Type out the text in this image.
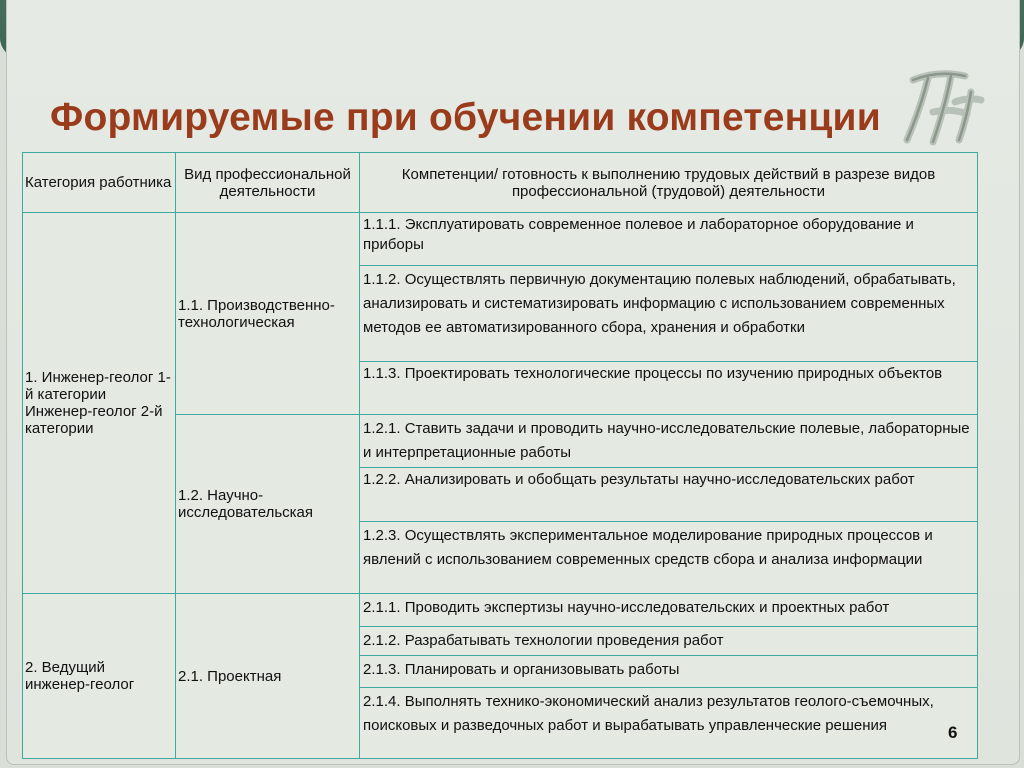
Формируемые при обучении компетенции
Категория работника	Вид профессиональной деятельности	Компетенции/ готовность к выполнению трудовых действий в разрезе видов профессиональной (трудовой) деятельности
1. Инженер-геолог 1-й категории Инженер-геолог 2-й категории	1.1. Производственно-технологическая	1.1.1. Эксплуатировать современное полевое и лабораторное оборудование и приборы
		1.1.2. Осуществлять первичную документацию полевых наблюдений, обрабатывать, анализировать и систематизировать информацию с использованием современных методов ее автоматизированного сбора, хранения и обработки
		1.1.3. Проектировать технологические процессы по изучению природных объектов
	1.2. Научно-исследовательская	1.2.1. Ставить задачи и проводить научно-исследовательские полевые, лабораторные и интерпретационные работы
		1.2.2. Анализировать и обобщать результаты научно-исследовательских работ
		1.2.3. Осуществлять экспериментальное моделирование природных процессов и явлений с использованием современных средств сбора и анализа информации
2. Ведущий инженер-геолог	2.1. Проектная	2.1.1. Проводить экспертизы научно-исследовательских и проектных работ
		2.1.2. Разрабатывать технологии проведения работ
		2.1.3. Планировать и организовывать работы
		2.1.4. Выполнять технико-экономический анализ результатов геолого-съемочных, поисковых и разведочных работ и вырабатывать управленческие решения	6
